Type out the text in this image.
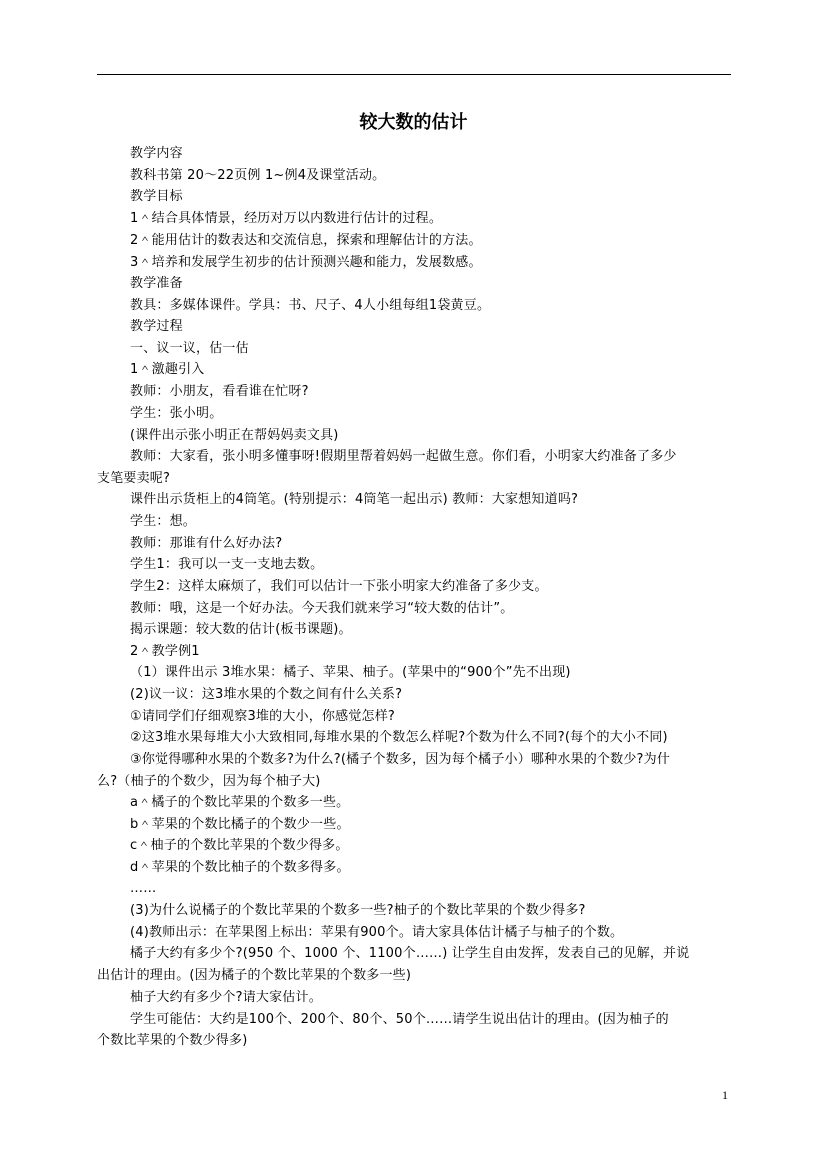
较大数的估计
教学内容
教科书第 20～22页例 1~例4及课堂活动。
教学目标
1＾结合具体情景，经历对万以内数进行估计的过程。
2＾能用估计的数表达和交流信息，探索和理解估计的方法。
3＾培养和发展学生初步的估计预测兴趣和能力，发展数感。
教学准备
教具：多媒体课件。学具：书、尺子、4人小组每组1袋黄豆。
教学过程
一、议一议，估一估
1＾激趣引入
教师：小朋友，看看谁在忙呀?
学生：张小明。
(课件出示张小明正在帮妈妈卖文具)
教师：大家看，张小明多懂事呀!假期里帮着妈妈一起做生意。你们看，小明家大约准备了多少
支笔要卖呢?
课件出示货柜上的4筒笔。(特别提示：4筒笔一起出示) 教师：大家想知道吗?
学生：想。
教师：那谁有什么好办法?
学生1：我可以一支一支地去数。
学生2：这样太麻烦了，我们可以估计一下张小明家大约准备了多少支。
教师：哦，这是一个好办法。今天我们就来学习“较大数的估计”。
揭示课题：较大数的估计(板书课题)。
2＾教学例1
（1）课件出示 3堆水果：橘子、苹果、柚子。(苹果中的“900个”先不出现)
(2)议一议：这3堆水果的个数之间有什么关系?
①请同学们仔细观察3堆的大小，你感觉怎样?
②这3堆水果每堆大小大致相同,每堆水果的个数怎么样呢?个数为什么不同?(每个的大小不同)
③你觉得哪种水果的个数多?为什么?(橘子个数多，因为每个橘子小）哪种水果的个数少?为什
么?（柚子的个数少，因为每个柚子大)
a＾橘子的个数比苹果的个数多一些。
b＾苹果的个数比橘子的个数少一些。
c＾柚子的个数比苹果的个数少得多。
d＾苹果的个数比柚子的个数多得多。
……
(3)为什么说橘子的个数比苹果的个数多一些?柚子的个数比苹果的个数少得多?
(4)教师出示：在苹果图上标出：苹果有900个。请大家具体估计橘子与柚子的个数。
橘子大约有多少个?(950 个、1000 个、1100个……) 让学生自由发挥，发表自己的见解，并说
出估计的理由。(因为橘子的个数比苹果的个数多一些)
柚子大约有多少个?请大家估计。
学生可能估：大约是100个、200个、80个、50个……请学生说出估计的理由。(因为柚子的
个数比苹果的个数少得多)
1
